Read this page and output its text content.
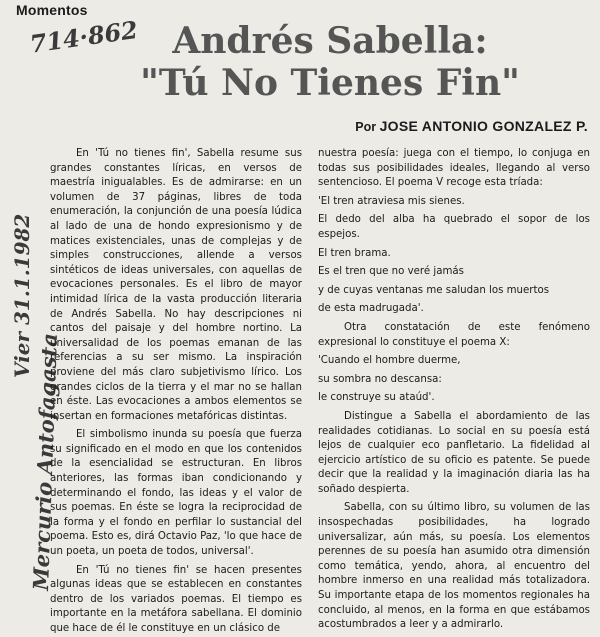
Momentos
714·862
Vier 31.1.1982
Mercurio Antofagasta
Andrés Sabella:
"Tú No Tienes Fin"
Por JOSE ANTONIO GONZALEZ P.

En 'Tú no tienes fin', Sabella resume sus grandes constantes líricas, en versos de maestría inigualables. Es de admirarse: en un volumen de 37 páginas, libres de toda enumeración, la conjunción de una poesía lúdica al lado de una de hondo expresionismo y de matices existenciales, unas de complejas y de simples construcciones, allende a versos sintéticos de ideas universales, con aquellas de evocaciones personales. Es el libro de mayor intimidad lírica de la vasta producción literaria de Andrés Sabella. No hay descripciones ni cantos del paisaje y del hombre nortino. La universalidad de los poemas emanan de las referencias a su ser mismo. La inspiración proviene del más claro subjetivismo lírico. Los grandes ciclos de la tierra y el mar no se hallan en éste. Las evocaciones a ambos elementos se insertan en formaciones metafóricas distintas.

El simbolismo inunda su poesía que fuerza su significado en el modo en que los contenidos de la esencialidad se estructuran. En libros anteriores, las formas iban condicionando y determinando el fondo, las ideas y el valor de sus poemas. En éste se logra la reciprocidad de la forma y el fondo en perfilar lo sustancial del poema. Esto es, dirá Octavio Paz, 'lo que hace de un poeta, un poeta de todos, universal'.

En 'Tú no tienes fin' se hacen presentes algunas ideas que se establecen en constantes dentro de los variados poemas. El tiempo es importante en la metáfora sabellana. El dominio que hace de él le constituye en un clásico de

nuestra poesía: juega con el tiempo, lo conjuga en todas sus posibilidades ideales, llegando al verso sentencioso. El poema V recoge esta tríada:

'El tren atraviesa mis sienes.

El dedo del alba ha quebrado el sopor de los espejos.

El tren brama.

Es el tren que no veré jamás

y de cuyas ventanas me saludan los muertos

de esta madrugada'.

Otra constatación de este fenómeno expresional lo constituye el poema X:

'Cuando el hombre duerme,

su sombra no descansa:

le construye su ataúd'.

Distingue a Sabella el abordamiento de las realidades cotidianas. Lo social en su poesía está lejos de cualquier eco panfletario. La fidelidad al ejercicio artístico de su oficio es patente. Se puede decir que la realidad y la imaginación diaria las ha soñado despierta.

Sabella, con su último libro, su volumen de las insospechadas posibilidades, ha logrado universalizar, aún más, su poesía. Los elementos perennes de su poesía han asumido otra dimensión como temática, yendo, ahora, al encuentro del hombre inmerso en una realidad más totalizadora. Su importante etapa de los momentos regionales ha concluido, al menos, en la forma en que estábamos acostumbrados a leer y a admirarlo.
